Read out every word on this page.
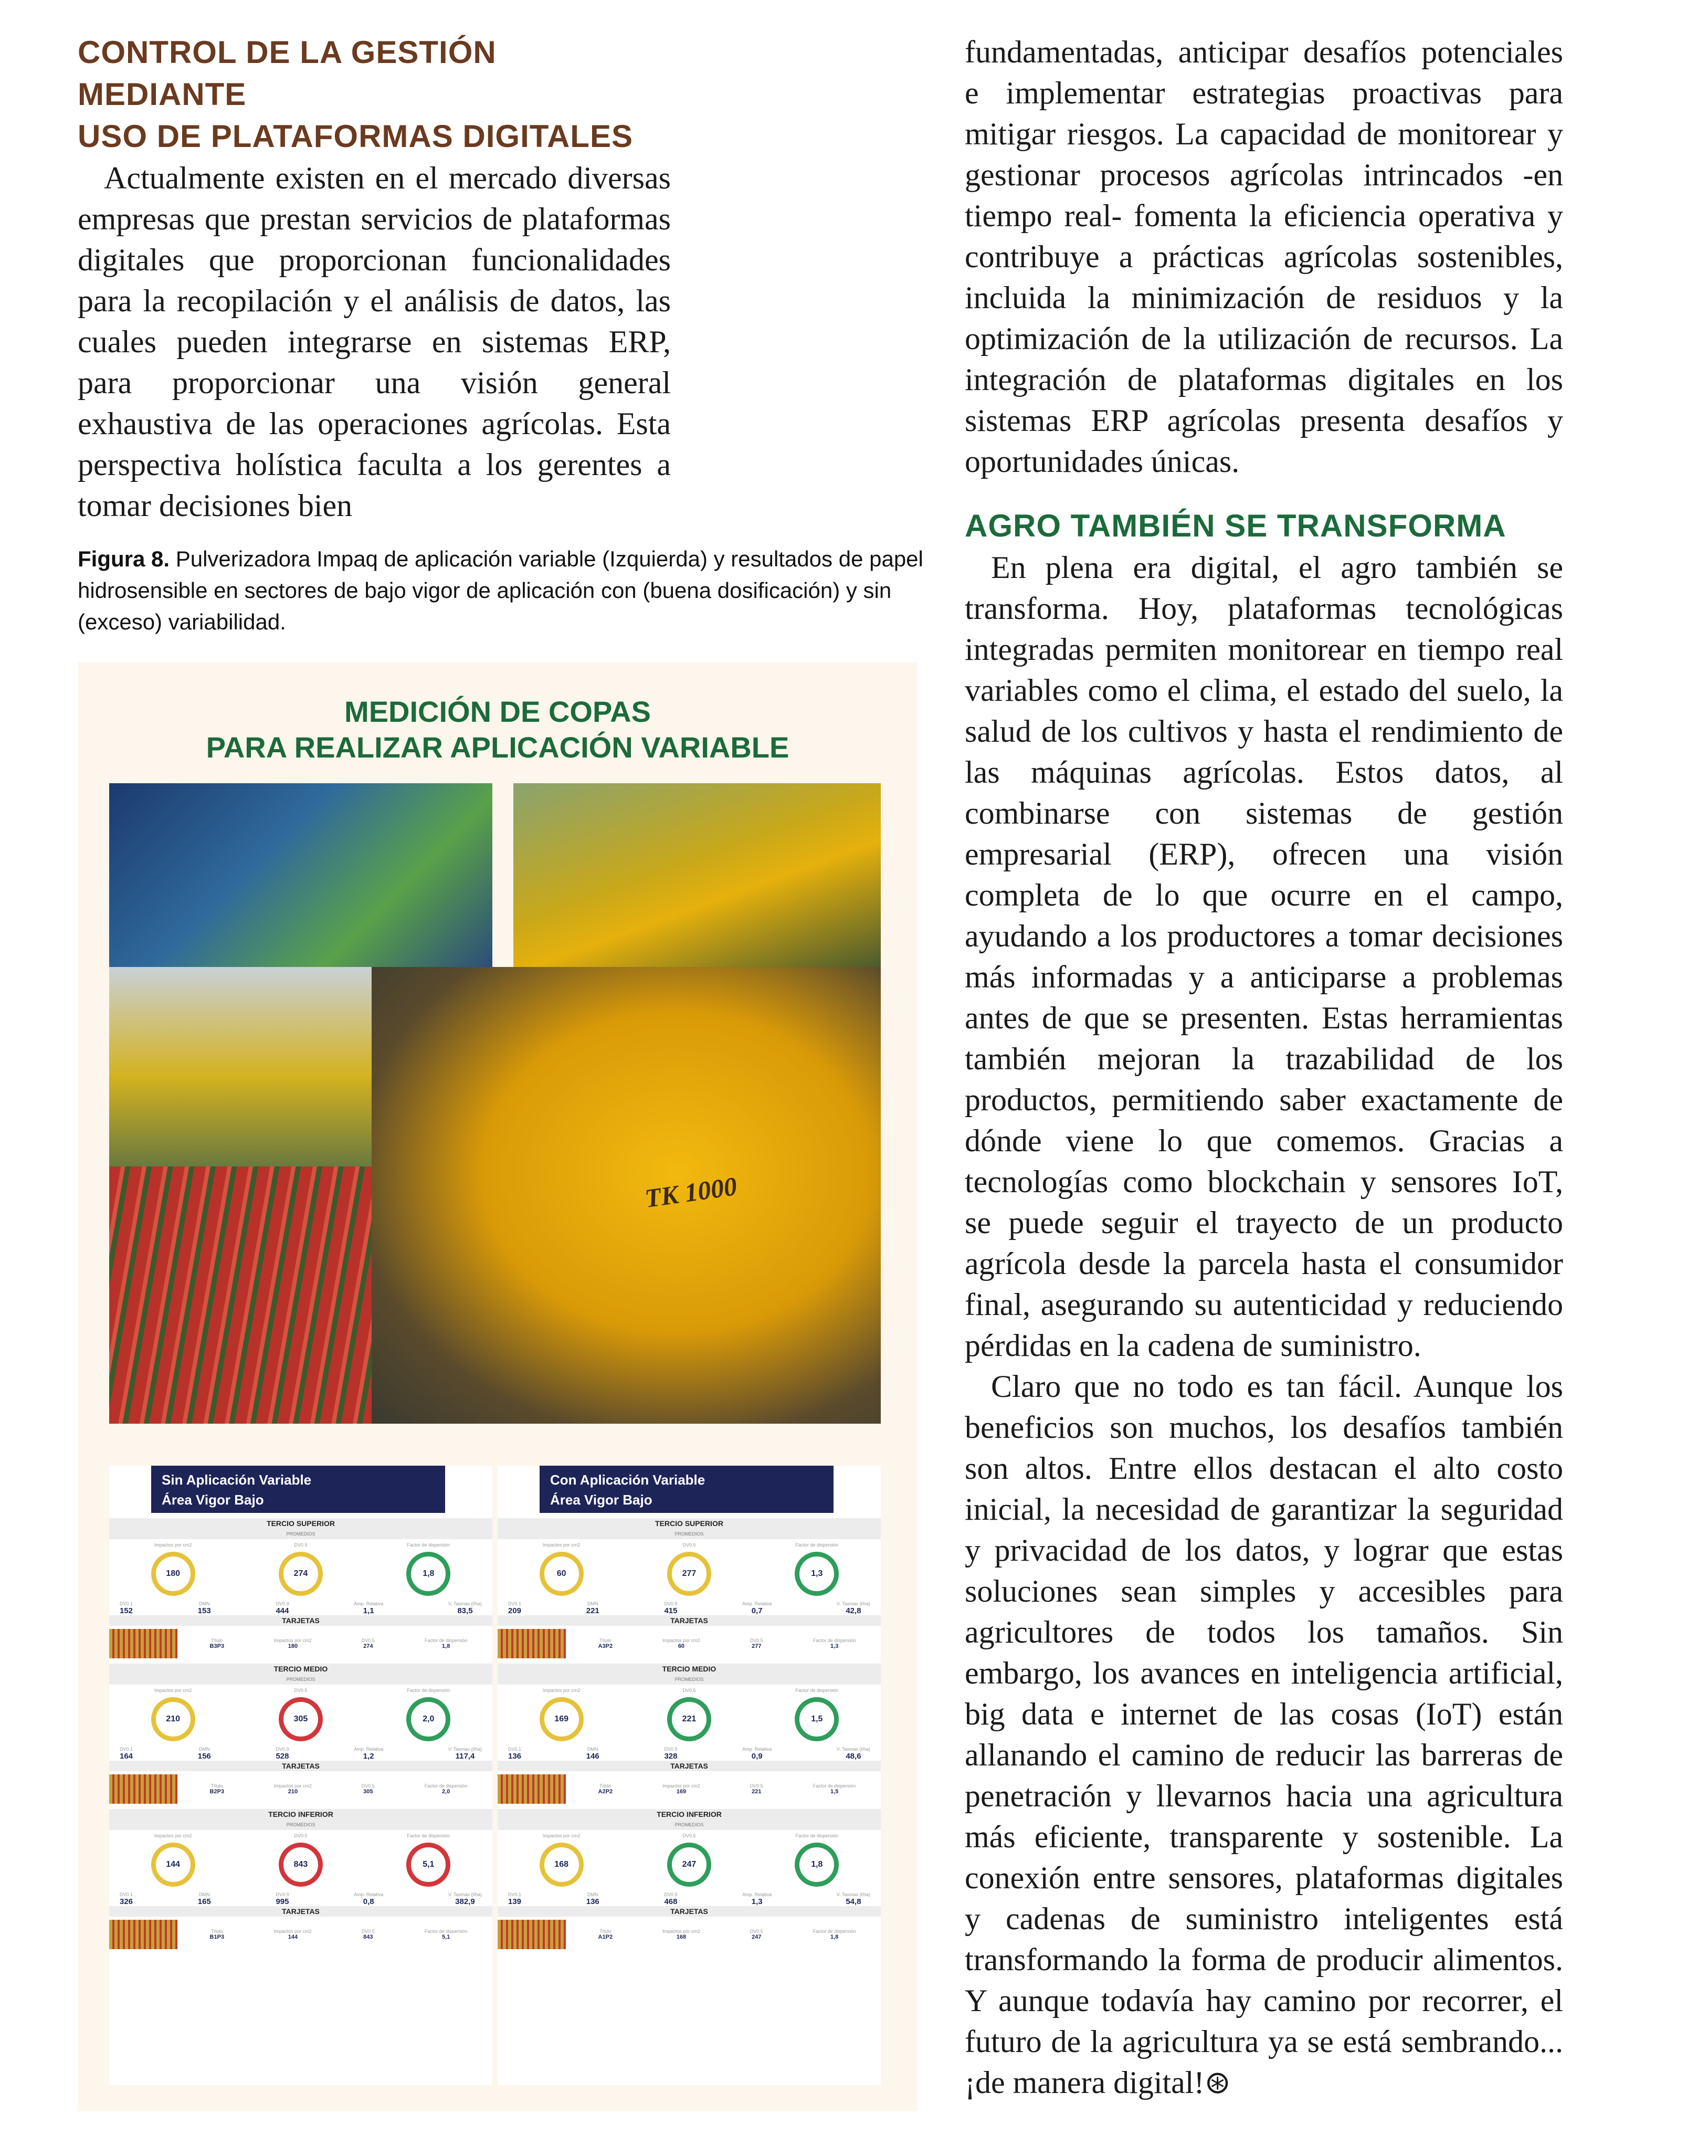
CONTROL DE LA GESTIÓN MEDIANTE
USO DE PLATAFORMAS DIGITALES

Actualmente existen en el mercado diversas empresas que prestan servicios de plataformas digitales que proporcionan funcionalidades para la recopilación y el análisis de datos, las cuales pueden integrarse en sistemas ERP, para proporcionar una visión general exhaustiva de las operaciones agrícolas. Esta perspectiva holística faculta a los gerentes a tomar decisiones bien

Figura 8. Pulverizadora Impaq de aplicación variable (Izquierda) y resultados de papel hidrosensible en sectores de bajo vigor de aplicación con (buena dosificación) y sin (exceso) variabilidad.
MEDICIÓN DE COPAS
PARA REALIZAR APLICACIÓN VARIABLE
TK 1000
Sin Aplicación Variable
Área Vigor Bajo
TERCIO SUPERIOR
PROMEDIOS
Impactos por cm2
180
DV0.5
274
Factor de dispersión
1,8
DV0.1
152
DMN
153
DV0.9
444
Amp. Relativa
1,1
V. Tasmax (l/ha)
83,5
TARJETAS
Título
B3P3
Impactos por cm2
180
DV0.5
274
Factor de dispersión
1,8
TERCIO MEDIO
PROMEDIOS
Impactos por cm2
210
DV0.5
305
Factor de dispersión
2,0
DV0.1
164
DMN
156
DV0.9
528
Amp. Relativa
1,2
V. Tasmax (l/ha)
117,4
TARJETAS
Título
B2P3
Impactos por cm2
210
DV0.5
305
Factor de dispersión
2,0
TERCIO INFERIOR
PROMEDIOS
Impactos por cm2
144
DV0.5
843
Factor de dispersión
5,1
DV0.1
326
DMN
165
DV0.9
995
Amp. Relativa
0,8
V. Tasmax (l/ha)
382,9
TARJETAS
Título
B1P3
Impactos por cm2
144
DV0.5
843
Factor de dispersión
5,1
Con Aplicación Variable
Área Vigor Bajo
TERCIO SUPERIOR
PROMEDIOS
Impactos por cm2
60
DV0.5
277
Factor de dispersión
1,3
DV0.1
209
DMN
221
DV0.9
415
Amp. Relativa
0,7
V. Tasmax (l/ha)
42,8
TARJETAS
Título
A3P2
Impactos por cm2
60
DV0.5
277
Factor de dispersión
1,3
TERCIO MEDIO
PROMEDIOS
Impactos por cm2
169
DV0.5
221
Factor de dispersión
1,5
DV0.1
136
DMN
146
DV0.9
328
Amp. Relativa
0,9
V. Tasmax (l/ha)
48,6
TARJETAS
Título
A2P2
Impactos por cm2
169
DV0.5
221
Factor de dispersión
1,5
TERCIO INFERIOR
PROMEDIOS
Impactos por cm2
168
DV0.5
247
Factor de dispersión
1,8
DV0.1
139
DMN
136
DV0.9
468
Amp. Relativa
1,3
V. Tasmax (l/ha)
54,8
TARJETAS
Título
A1P2
Impactos por cm2
168
DV0.5
247
Factor de dispersión
1,8
fundamentadas, anticipar desafíos potenciales e implementar estrategias proactivas para mitigar riesgos. La capacidad de monitorear y gestionar procesos agrícolas intrincados -en tiempo real- fomenta la eficiencia operativa y contribuye a prácticas agrícolas sostenibles, incluida la minimización de residuos y la optimización de la utilización de recursos. La integración de plataformas digitales en los sistemas ERP agrícolas presenta desafíos y oportunidades únicas.
AGRO TAMBIÉN SE TRANSFORMA

En plena era digital, el agro también se transforma. Hoy, plataformas tecnológicas integradas permiten monitorear en tiempo real variables como el clima, el estado del suelo, la salud de los cultivos y hasta el rendimiento de las máquinas agrícolas. Estos datos, al combinarse con sistemas de gestión empresarial (ERP), ofrecen una visión completa de lo que ocurre en el campo, ayudando a los productores a tomar decisiones más informadas y a anticiparse a problemas antes de que se presenten. Estas herramientas también mejoran la trazabilidad de los productos, permitiendo saber exactamente de dónde viene lo que comemos. Gracias a tecnologías como blockchain y sensores IoT, se puede seguir el trayecto de un producto agrícola desde la parcela hasta el consumidor final, asegurando su autenticidad y reduciendo pérdidas en la cadena de suministro.

Claro que no todo es tan fácil. Aunque los beneficios son muchos, los desafíos también son altos. Entre ellos destacan el alto costo inicial, la necesidad de garantizar la seguridad y privacidad de los datos, y lograr que estas soluciones sean simples y accesibles para agricultores de todos los tamaños. Sin embargo, los avances en inteligencia artificial, big data e internet de las cosas (IoT) están allanando el camino de reducir las barreras de penetración y llevarnos hacia una agricultura más eficiente, transparente y sostenible. La conexión entre sensores, plataformas digitales y cadenas de suministro inteligentes está transformando la forma de producir alimentos. Y aunque todavía hay camino por recorrer, el futuro de la agricultura ya se está sembrando... ¡de manera digital!⊛
